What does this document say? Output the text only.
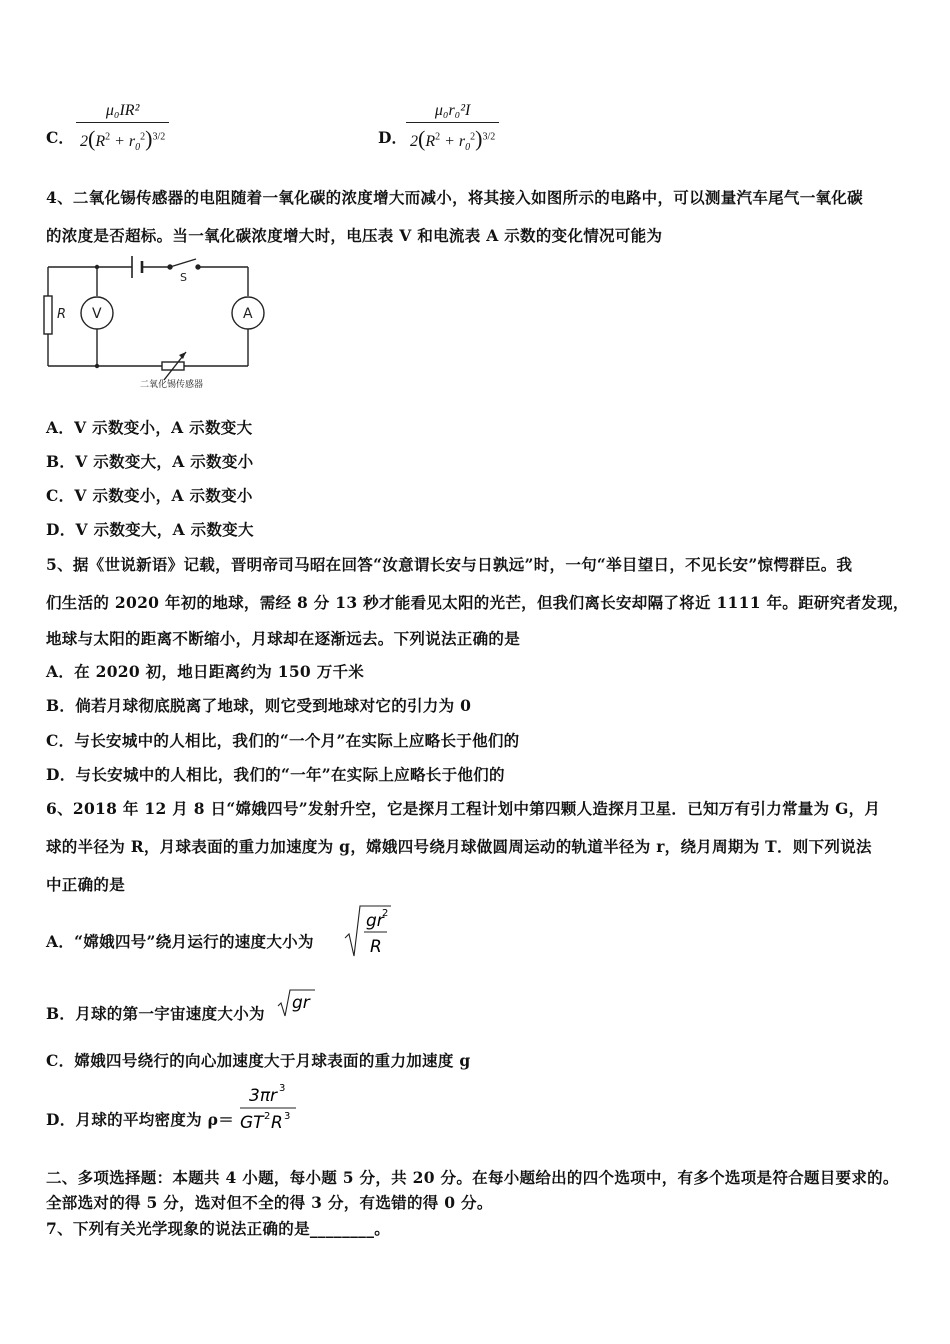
C． $\frac{\text{μ₀IR²}}{2(R^2 + r_0^2)^{3/2}}$	D． $\frac{\text{μ₀r₀²I}}{2(R^2 + r_0^2)^{3/2}}$
4、二氧化锡传感器的电阻随着一氧化碳的浓度增大而减小，将其接入如图所示的电路中，可以测量汽车尾气一氧化碳
的浓度是否超标。当一氧化碳浓度增大时，电压表 V 和电流表 A 示数的变化情况可能为
R V	A
S
二氧化锡传感器
A．V 示数变小，A 示数变大
B．V 示数变大，A 示数变小
C．V 示数变小，A 示数变小
D．V 示数变大，A 示数变大
5、据《世说新语》记载，晋明帝司马昭在回答“汝意谓长安与日孰远”时，一句“举目望日，不见长安”惊愕群臣。我
们生活的 2020 年初的地球，需经 8 分 13 秒才能看见太阳的光芒，但我们离长安却隔了将近 1111 年。距研究者发现，
地球与太阳的距离不断缩小，月球却在逐渐远去。下列说法正确的是
A．在 2020 初，地日距离约为 150 万千米
B．倘若月球彻底脱离了地球，则它受到地球对它的引力为 0
C．与长安城中的人相比，我们的“一个月”在实际上应略长于他们的
D．与长安城中的人相比，我们的“一年”在实际上应略长于他们的
6、2018 年 12 月 8 日“嫦娥四号”发射升空，它是探月工程计划中第四颗人造探月卫星．已知万有引力常量为 G，月
球的半径为 R，月球表面的重力加速度为 g，嫦娥四号绕月球做圆周运动的轨道半径为 r，绕月周期为 T．则下列说法
中正确的是
A．“嫦娥四号”绕月运行的速度大小为
gr
2
R
B．月球的第一宇宙速度大小为
gr
C．嫦娥四号绕行的向心加速度大于月球表面的重力加速度 g
D．月球的平均密度为 ρ＝
3πr 3
GT 2 R 3
二、多项选择题：本题共 4 小题，每小题 5 分，共 20 分。在每小题给出的四个选项中，有多个选项是符合题目要求的。
全部选对的得 5 分，选对但不全的得 3 分，有选错的得 0 分。
7、下列有关光学现象的说法正确的是________。
